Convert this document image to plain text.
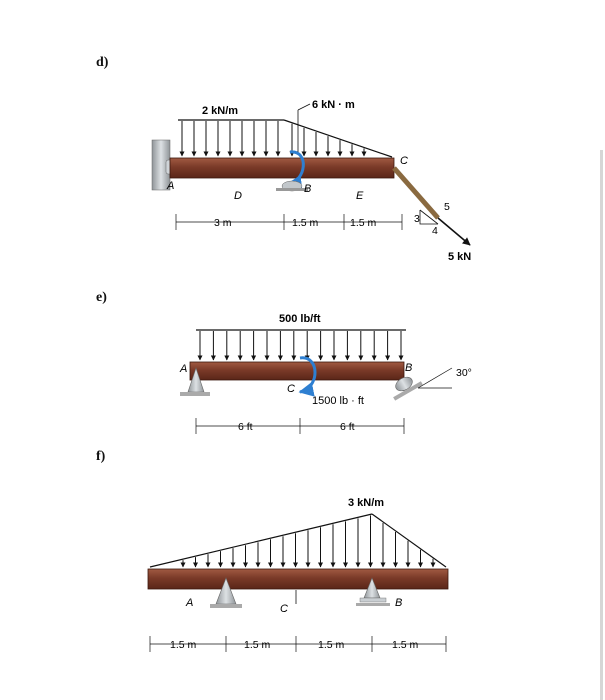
d)
e)
f)
2 kN/m	6 kN · m
A
D
B
E
C
3 m	1.5 m	1.5 m	3
4
5
5 kN
500 lb/ft
A	B
C
1500 lb · ft
30°
6 ft	6 ft
3 kN/m
A	B
C
1.5 m	1.5 m	1.5 m	1.5 m
